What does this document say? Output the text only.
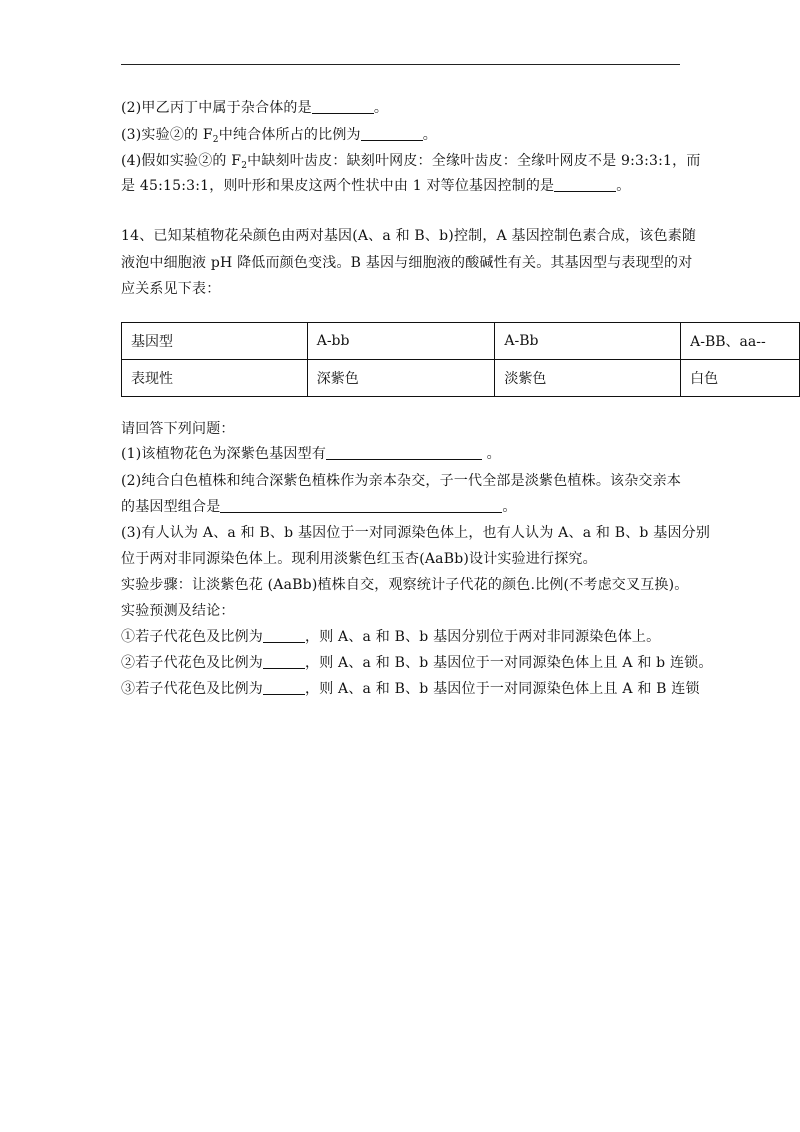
(2)甲乙丙丁中属于杂合体的是	。
(3)实验②的 $F_2$中纯合体所占的比例为	。
(4)假如实验②的 $F_2$中缺刻叶齿皮：缺刻叶网皮：全缘叶齿皮：全缘叶网皮不是 9:3:3:1，而
是 45:15:3:1，则叶形和果皮这两个性状中由 1 对等位基因控制的是	。
14、已知某植物花朵颜色由两对基因(A、a 和 B、b)控制，A 基因控制色素合成，该色素随
液泡中细胞液 pH 降低而颜色变浅。B 基因与细胞液的酸碱性有关。其基因型与表现型的对
应关系见下表：
基因型	A-bb	A-Bb	A-BB、aa--
表现性	深紫色	淡紫色	白色
请回答下列问题：
(1)该植物花色为深紫色基因型有	。
(2)纯合白色植株和纯合深紫色植株作为亲本杂交，子一代全部是淡紫色植株。该杂交亲本
的基因型组合是	。
(3)有人认为 A、a 和 B、b 基因位于一对同源染色体上，也有人认为 A、a 和 B、b 基因分别
位于两对非同源染色体上。现利用淡紫色红玉杏(AaBb)设计实验进行探究。
实验步骤：让淡紫色花 (AaBb)植株自交，观察统计子代花的颜色.比例(不考虑交叉互换)。
实验预测及结论：
①若子代花色及比例为	，则 A、a 和 B、b 基因分别位于两对非同源染色体上。
②若子代花色及比例为	，则 A、a 和 B、b 基因位于一对同源染色体上且 A 和 b 连锁。
③若子代花色及比例为	，则 A、a 和 B、b 基因位于一对同源染色体上且 A 和 B 连锁
